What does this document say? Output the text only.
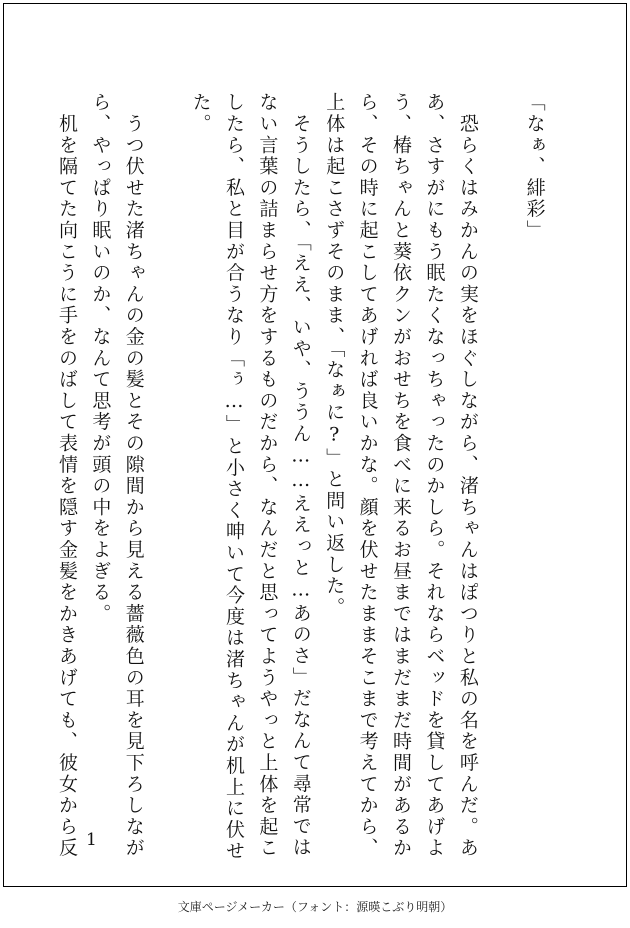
「なぁ、緋彩」
　恐らくはみかんの実をほぐしながら、渚ちゃんはぽつりと私の名を呼んだ。あ
あ、さすがにもう眠たくなっちゃったのかしら。それならベッドを貸してあげよ
う、椿ちゃんと葵依クンがおせちを食べに来るお昼まではまだまだ時間があるか
ら、その時に起こしてあげれば良いかな。顔を伏せたままそこまで考えてから、
上体は起こさずそのまま、「なぁに?」と問い返した。
　そうしたら、「ええ、いや、ううん……ええっと…あのさ」だなんて尋常では
ない言葉の詰まらせ方をするものだから、なんだと思ってようやっと上体を起こ
したら、私と目が合うなり「ぅ…」と小さく呻いて今度は渚ちゃんが机上に伏せ
た。
　うつ伏せた渚ちゃんの金の髪とその隙間から見える薔薇色の耳を見下ろしなが
ら、やっぱり眠いのか、なんて思考が頭の中をよぎる。
　机を隔てた向こうに手をのばして表情を隠す金髪をかきあげても、彼女から反 1
文庫ページメーカー（フォント：源暎こぶり明朝）
